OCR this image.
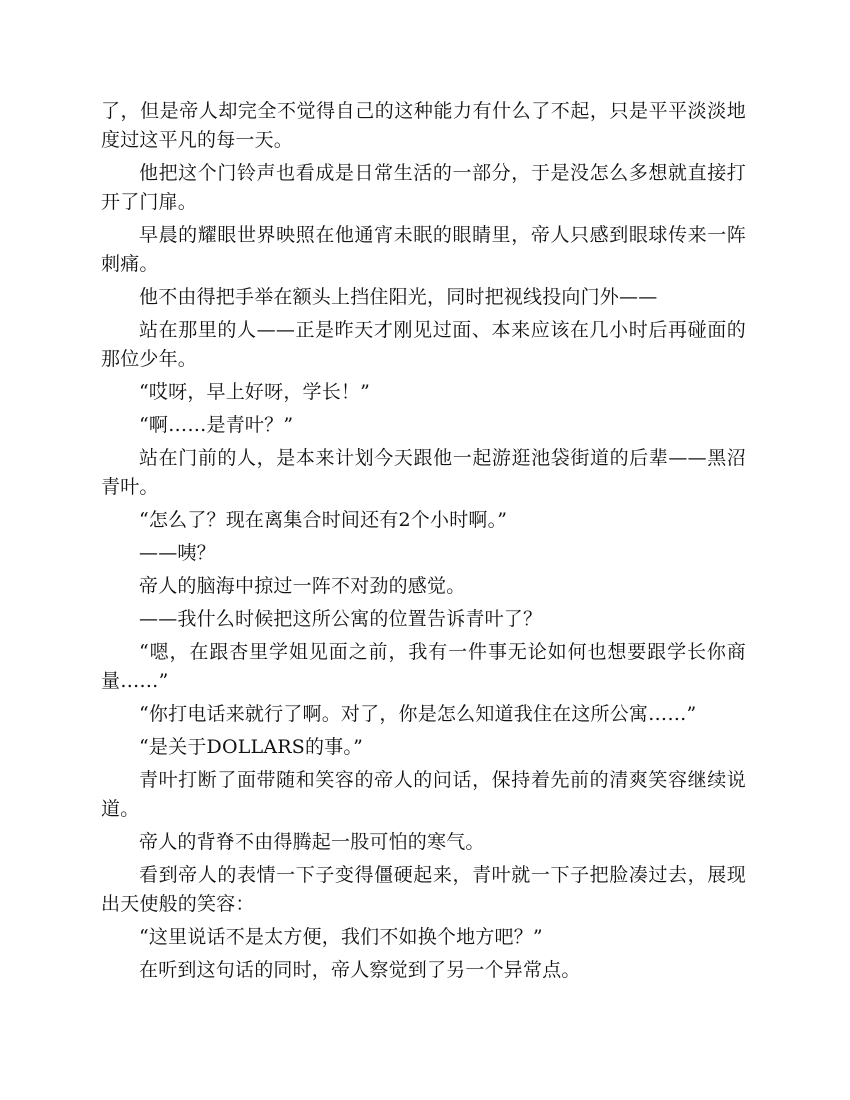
了，但是帝人却完全不觉得自己的这种能力有什么了不起，只是平平淡淡地度过这平凡的每一天。

他把这个门铃声也看成是日常生活的一部分，于是没怎么多想就直接打开了门扉。

早晨的耀眼世界映照在他通宵未眠的眼睛里，帝人只感到眼球传来一阵刺痛。

他不由得把手举在额头上挡住阳光，同时把视线投向门外——

站在那里的人——正是昨天才刚见过面、本来应该在几小时后再碰面的那位少年。

“哎呀，早上好呀，学长！”

“啊……是青叶？”

站在门前的人，是本来计划今天跟他一起游逛池袋街道的后辈——黑沼青叶。

“怎么了？现在离集合时间还有2个小时啊。”

——咦？

帝人的脑海中掠过一阵不对劲的感觉。

——我什么时候把这所公寓的位置告诉青叶了？

“嗯，在跟杏里学姐见面之前，我有一件事无论如何也想要跟学长你商量……”

“你打电话来就行了啊。对了，你是怎么知道我住在这所公寓……”

“是关于DOLLARS的事。”

青叶打断了面带随和笑容的帝人的问话，保持着先前的清爽笑容继续说道。

帝人的背脊不由得腾起一股可怕的寒气。

看到帝人的表情一下子变得僵硬起来，青叶就一下子把脸凑过去，展现出天使般的笑容：

“这里说话不是太方便，我们不如换个地方吧？”

在听到这句话的同时，帝人察觉到了另一个异常点。
